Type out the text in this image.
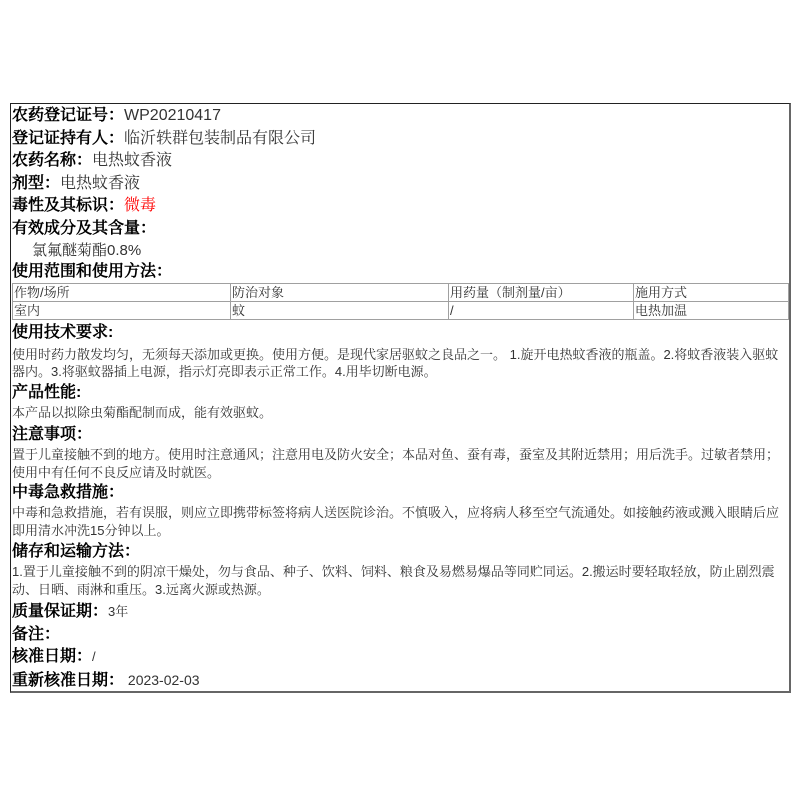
农药登记证号：WP20210417
登记证持有人：临沂轶群包装制品有限公司
农药名称：电热蚊香液
剂型：电热蚊香液
毒性及其标识：微毒
有效成分及其含量：
氯氟醚菊酯0.8%
使用范围和使用方法：
作物/场所	防治对象	用药量（制剂量/亩）	施用方式
室内	蚊	/	电热加温
使用技术要求:
使用时药力散发均匀，无须每天添加或更换。使用方便。是现代家居驱蚊之良品之一。 1.旋开电热蚊香液的瓶盖。2.将蚊香液装入驱蚊器内。3.将驱蚊器插上电源，指示灯亮即表示正常工作。4.用毕切断电源。
产品性能:
本产品以拟除虫菊酯配制而成，能有效驱蚊。
注意事项：
置于儿童接触不到的地方。使用时注意通风；注意用电及防火安全；本品对鱼、蚕有毒，蚕室及其附近禁用；用后洗手。过敏者禁用；使用中有任何不良反应请及时就医。
中毒急救措施：
中毒和急救措施，若有误服，则应立即携带标签将病人送医院诊治。不慎吸入，应将病人移至空气流通处。如接触药液或溅入眼睛后应即用清水冲洗15分钟以上。
储存和运输方法：
1.置于儿童接触不到的阴凉干燥处，勿与食品、种子、饮料、饲料、粮食及易燃易爆品等同贮同运。2.搬运时要轻取轻放，防止剧烈震动、日晒、雨淋和重压。3.远离火源或热源。
质量保证期：3年
备注：
核准日期：/
重新核准日期： 2023-02-03
